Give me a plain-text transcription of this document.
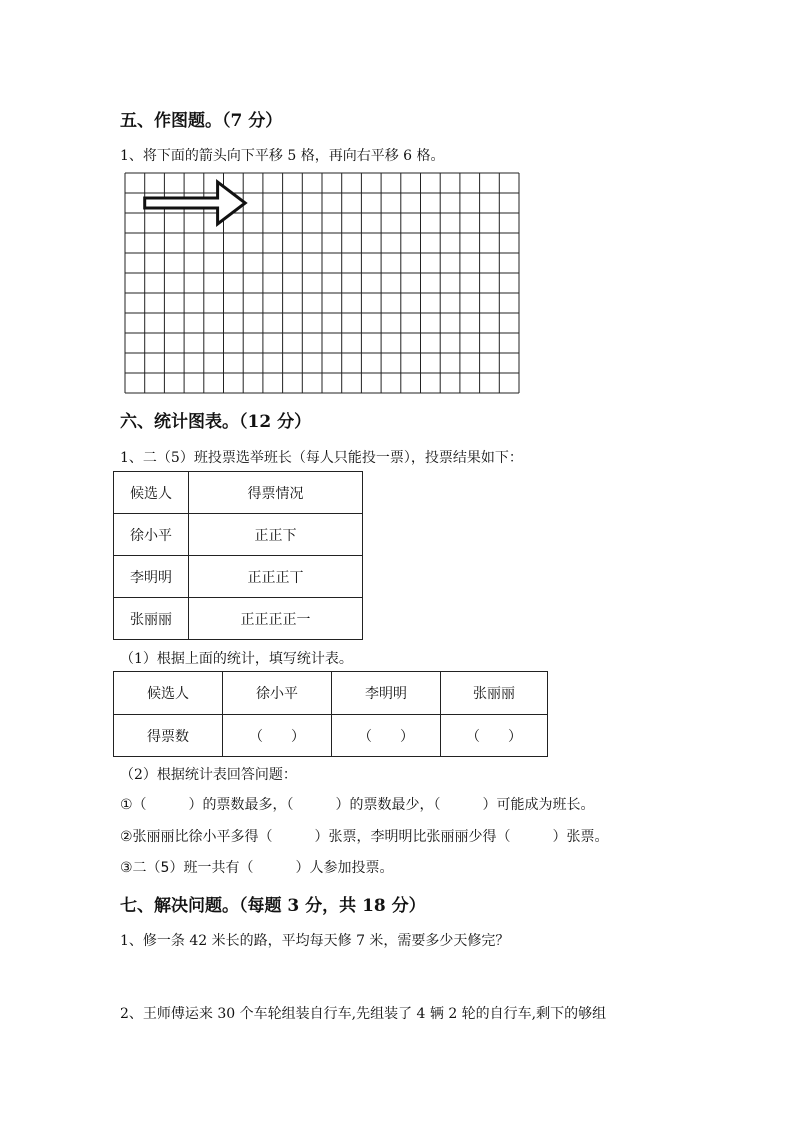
五、作图题。（7 分）
1、将下面的箭头向下平移 5 格，再向右平移 6 格。
六、统计图表。（12 分）
1、二（5）班投票选举班长（每人只能投一票），投票结果如下：
候选人	得票情况
徐小平	正正下
李明明	正正正丅
张丽丽	正正正正一
（1）根据上面的统计，填写统计表。
候选人	徐小平	李明明	张丽丽
得票数	（　　）	（　　）	（　　）
（2）根据统计表回答问题：
①（　　　）的票数最多，（　　　）的票数最少，（　　　）可能成为班长。
②张丽丽比徐小平多得（　　　）张票，李明明比张丽丽少得（　　　）张票。
③二（5）班一共有（　　　）人参加投票。
七、解决问题。（每题 3 分，共 18 分）
1、修一条 42 米长的路，平均每天修 7 米，需要多少天修完？
2、王师傅运来 30 个车轮组装自行车,先组装了 4 辆 2 轮的自行车,剩下的够组
